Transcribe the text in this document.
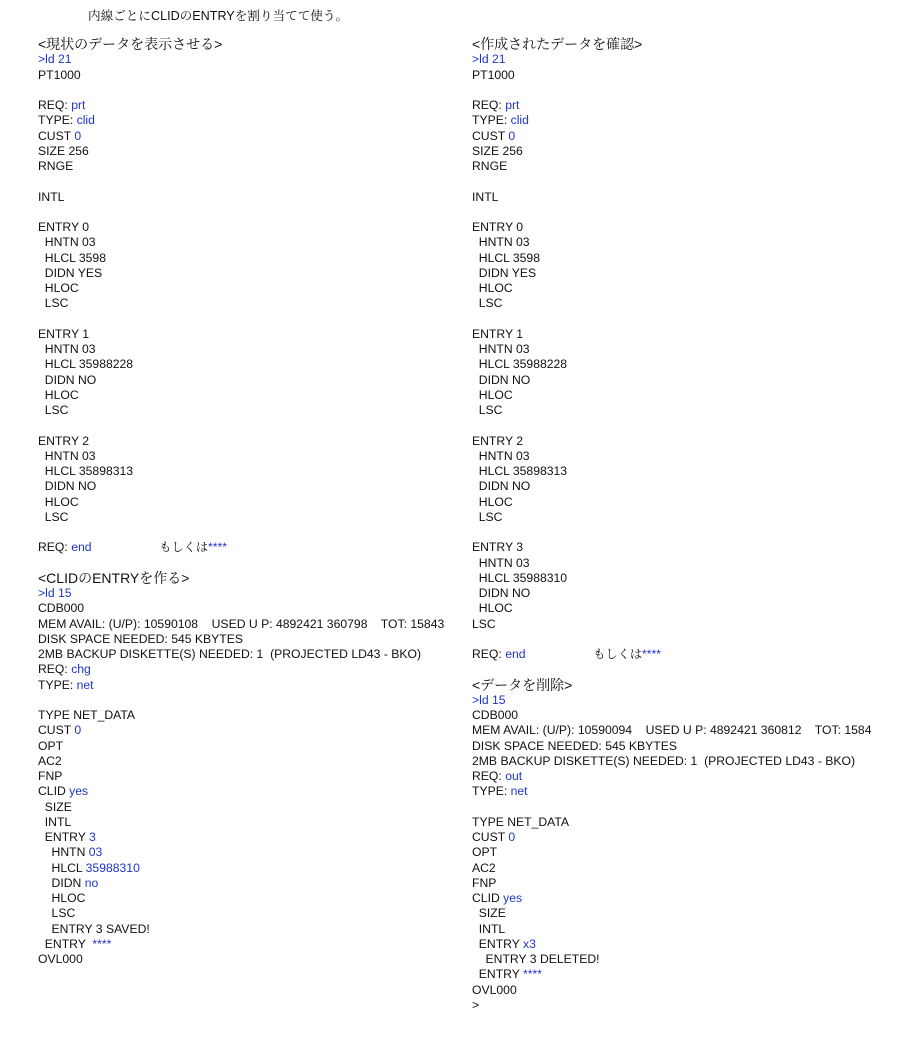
内線ごとにCLIDのENTRYを割り当てて使う。
<現状のデータを表示させる>
>ld 21
PT1000
REQ: prt
TYPE: clid
CUST 0
SIZE 256
RNGE
INTL
ENTRY 0
HNTN 03
HLCL 3598
DIDN YES
HLOC
LSC
ENTRY 1
HNTN 03
HLCL 35988228
DIDN NO
HLOC
LSC
ENTRY 2
HNTN 03
HLCL 35898313
DIDN NO
HLOC
LSC
REQ: end                    もしくは****
<CLIDのENTRYを作る>
>ld 15
CDB000
MEM AVAIL: (U/P): 10590108    USED U P: 4892421 360798    TOT: 15843
DISK SPACE NEEDED: 545 KBYTES
2MB BACKUP DISKETTE(S) NEEDED: 1  (PROJECTED LD43 - BKO)
REQ: chg
TYPE: net
TYPE NET_DATA
CUST 0
OPT
AC2
FNP
CLID yes
SIZE
INTL
ENTRY 3
HNTN 03
HLCL 35988310
DIDN no
HLOC
LSC
ENTRY 3 SAVED!
ENTRY  ****
OVL000
<作成されたデータを確認>
>ld 21
PT1000
REQ: prt
TYPE: clid
CUST 0
SIZE 256
RNGE
INTL
ENTRY 0
HNTN 03
HLCL 3598
DIDN YES
HLOC
LSC
ENTRY 1
HNTN 03
HLCL 35988228
DIDN NO
HLOC
LSC
ENTRY 2
HNTN 03
HLCL 35898313
DIDN NO
HLOC
LSC
ENTRY 3
HNTN 03
HLCL 35988310
DIDN NO
HLOC
LSC
REQ: end                    もしくは****
<データを削除>
>ld 15
CDB000
MEM AVAIL: (U/P): 10590094    USED U P: 4892421 360812    TOT: 1584
DISK SPACE NEEDED: 545 KBYTES
2MB BACKUP DISKETTE(S) NEEDED: 1  (PROJECTED LD43 - BKO)
REQ: out
TYPE: net
TYPE NET_DATA
CUST 0
OPT
AC2
FNP
CLID yes
SIZE
INTL
ENTRY x3
ENTRY 3 DELETED!
ENTRY ****
OVL000
>
